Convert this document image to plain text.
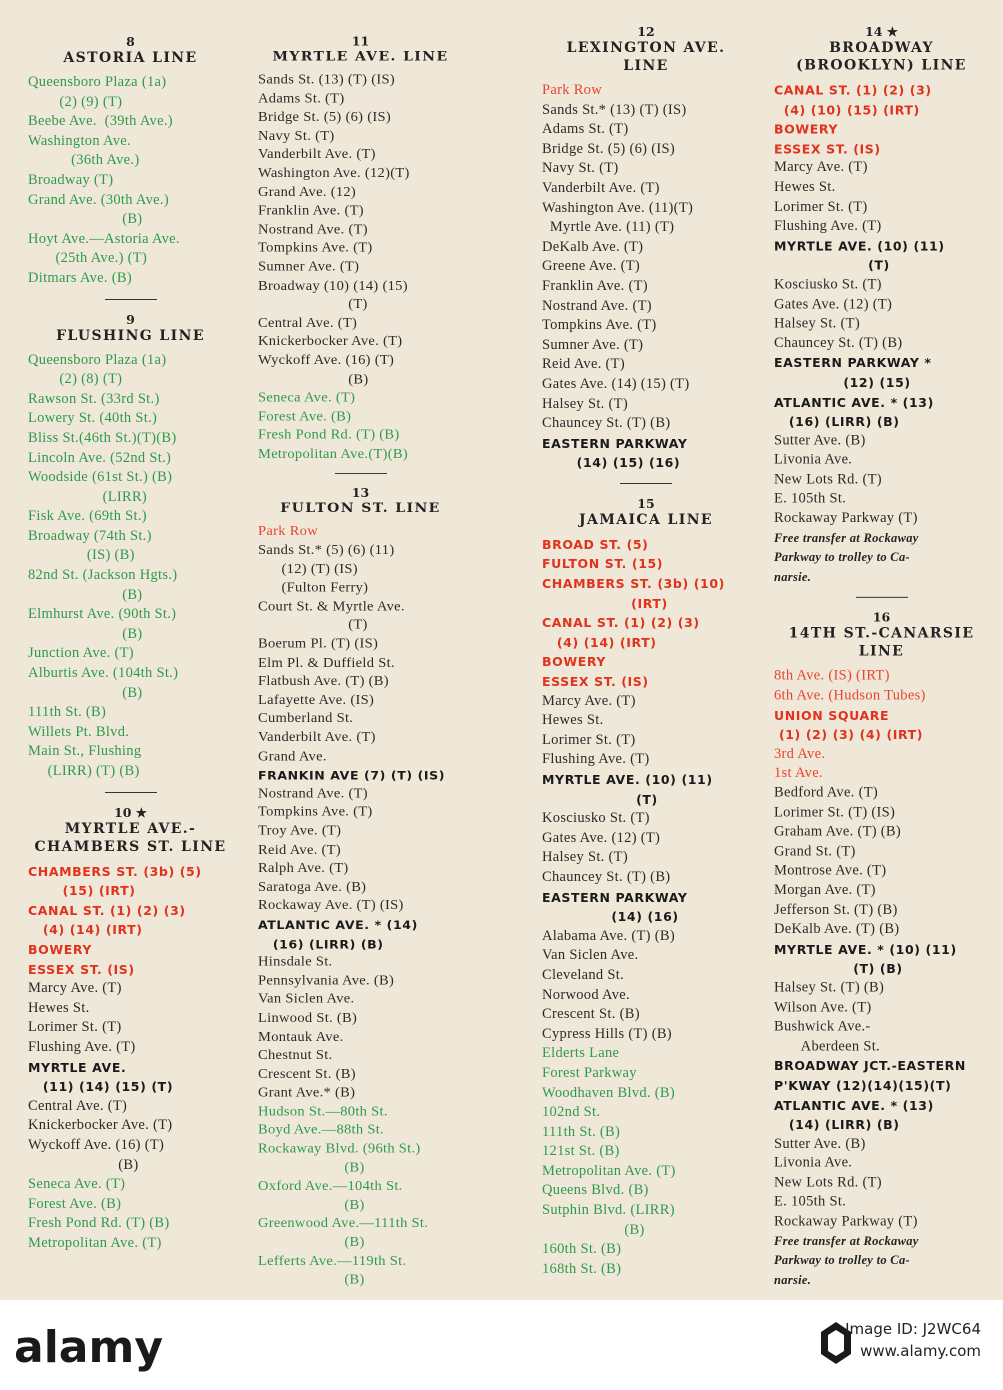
8
ASTORIA LINE
Queensboro Plaza (1a)
(2) (9) (T)
Beebe Ave.  (39th Ave.)
Washington Ave.
(36th Ave.)
Broadway (T)
Grand Ave. (30th Ave.)
(B)
Hoyt Ave.—Astoria Ave.
(25th Ave.) (T)
Ditmars Ave. (B)
9
FLUSHING LINE
Queensboro Plaza (1a)
(2) (8) (T)
Rawson St. (33rd St.)
Lowery St. (40th St.)
Bliss St.(46th St.)(T)(B)
Lincoln Ave. (52nd St.)
Woodside (61st St.) (B)
(LIRR)
Fisk Ave. (69th St.)
Broadway (74th St.)
(IS) (B)
82nd St. (Jackson Hgts.)
(B)
Elmhurst Ave. (90th St.)
(B)
Junction Ave. (T)
Alburtis Ave. (104th St.)
(B)
111th St. (B)
Willets Pt. Blvd.
Main St., Flushing
(LIRR) (T) (B)
10 ★
MYRTLE AVE.-
CHAMBERS ST. LINE
CHAMBERS ST. (3b) (5)
(15) (IRT)
CANAL ST. (1) (2) (3)
(4) (14) (IRT)
BOWERY
ESSEX ST. (IS)
Marcy Ave. (T)
Hewes St.
Lorimer St. (T)
Flushing Ave. (T)
MYRTLE AVE.
(11) (14) (15) (T)
Central Ave. (T)
Knickerbocker Ave. (T)
Wyckoff Ave. (16) (T)
(B)
Seneca Ave. (T)
Forest Ave. (B)
Fresh Pond Rd. (T) (B)
Metropolitan Ave. (T)
11
MYRTLE AVE. LINE
Sands St. (13) (T) (IS)
Adams St. (T)
Bridge St. (5) (6) (IS)
Navy St. (T)
Vanderbilt Ave. (T)
Washington Ave. (12)(T)
Grand Ave. (12)
Franklin Ave. (T)
Nostrand Ave. (T)
Tompkins Ave. (T)
Sumner Ave. (T)
Broadway (10) (14) (15)
(T)
Central Ave. (T)
Knickerbocker Ave. (T)
Wyckoff Ave. (16) (T)
(B)
Seneca Ave. (T)
Forest Ave. (B)
Fresh Pond Rd. (T) (B)
Metropolitan Ave.(T)(B)
13
FULTON ST. LINE
Park Row
Sands St.* (5) (6) (11)
(12) (T) (IS)
(Fulton Ferry)
Court St. & Myrtle Ave.
(T)
Boerum Pl. (T) (IS)
Elm Pl. & Duffield St.
Flatbush Ave. (T) (B)
Lafayette Ave. (IS)
Cumberland St.
Vanderbilt Ave. (T)
Grand Ave.
FRANKIN AVE (7) (T) (IS)
Nostrand Ave. (T)
Tompkins Ave. (T)
Troy Ave. (T)
Reid Ave. (T)
Ralph Ave. (T)
Saratoga Ave. (B)
Rockaway Ave. (T) (IS)
ATLANTIC AVE. * (14)
(16) (LIRR) (B)
Hinsdale St.
Pennsylvania Ave. (B)
Van Siclen Ave.
Linwood St. (B)
Montauk Ave.
Chestnut St.
Crescent St. (B)
Grant Ave.* (B)
Hudson St.—80th St.
Boyd Ave.—88th St.
Rockaway Blvd. (96th St.)
(B)
Oxford Ave.—104th St.
(B)
Greenwood Ave.—111th St.
(B)
Lefferts Ave.—119th St.
(B)
12
LEXINGTON AVE.
LINE
Park Row
Sands St.* (13) (T) (IS)
Adams St. (T)
Bridge St. (5) (6) (IS)
Navy St. (T)
Vanderbilt Ave. (T)
Washington Ave. (11)(T)
Myrtle Ave. (11) (T)
DeKalb Ave. (T)
Greene Ave. (T)
Franklin Ave. (T)
Nostrand Ave. (T)
Tompkins Ave. (T)
Sumner Ave. (T)
Reid Ave. (T)
Gates Ave. (14) (15) (T)
Halsey St. (T)
Chauncey St. (T) (B)
EASTERN PARKWAY
(14) (15) (16)
15
JAMAICA LINE
BROAD ST. (5)
FULTON ST. (15)
CHAMBERS ST. (3b) (10)
(IRT)
CANAL ST. (1) (2) (3)
(4) (14) (IRT)
BOWERY
ESSEX ST. (IS)
Marcy Ave. (T)
Hewes St.
Lorimer St. (T)
Flushing Ave. (T)
MYRTLE AVE. (10) (11)
(T)
Kosciusko St. (T)
Gates Ave. (12) (T)
Halsey St. (T)
Chauncey St. (T) (B)
EASTERN PARKWAY
(14) (16)
Alabama Ave. (T) (B)
Van Siclen Ave.
Cleveland St.
Norwood Ave.
Crescent St. (B)
Cypress Hills (T) (B)
Elderts Lane
Forest Parkway
Woodhaven Blvd. (B)
102nd St.
111th St. (B)
121st St. (B)
Metropolitan Ave. (T)
Queens Blvd. (B)
Sutphin Blvd. (LIRR)
(B)
160th St. (B)
168th St. (B)
14 ★
BROADWAY
(BROOKLYN) LINE
CANAL ST. (1) (2) (3)
(4) (10) (15) (IRT)
BOWERY
ESSEX ST. (IS)
Marcy Ave. (T)
Hewes St.
Lorimer St. (T)
Flushing Ave. (T)
MYRTLE AVE. (10) (11)
(T)
Kosciusko St. (T)
Gates Ave. (12) (T)
Halsey St. (T)
Chauncey St. (T) (B)
EASTERN PARKWAY *
(12) (15)
ATLANTIC AVE. * (13)
(16) (LIRR) (B)
Sutter Ave. (B)
Livonia Ave.
New Lots Rd. (T)
E. 105th St.
Rockaway Parkway (T)
Free transfer at Rockaway
Parkway to trolley to Ca-
narsie.
16
14TH ST.-CANARSIE
LINE
8th Ave. (IS) (IRT)
6th Ave. (Hudson Tubes)
UNION SQUARE
(1) (2) (3) (4) (IRT)
3rd Ave.
1st Ave.
Bedford Ave. (T)
Lorimer St. (T) (IS)
Graham Ave. (T) (B)
Grand St. (T)
Montrose Ave. (T)
Morgan Ave. (T)
Jefferson St. (T) (B)
DeKalb Ave. (T) (B)
MYRTLE AVE. * (10) (11)
(T) (B)
Halsey St. (T) (B)
Wilson Ave. (T)
Bushwick Ave.-
Aberdeen St.
BROADWAY JCT.-EASTERN
P'KWAY (12)(14)(15)(T)
ATLANTIC AVE. * (13)
(14) (LIRR) (B)
Sutter Ave. (B)
Livonia Ave.
New Lots Rd. (T)
E. 105th St.
Rockaway Parkway (T)
Free transfer at Rockaway
Parkway to trolley to Ca-
narsie.
alamy	Image ID: J2WC64
www.alamy.com
